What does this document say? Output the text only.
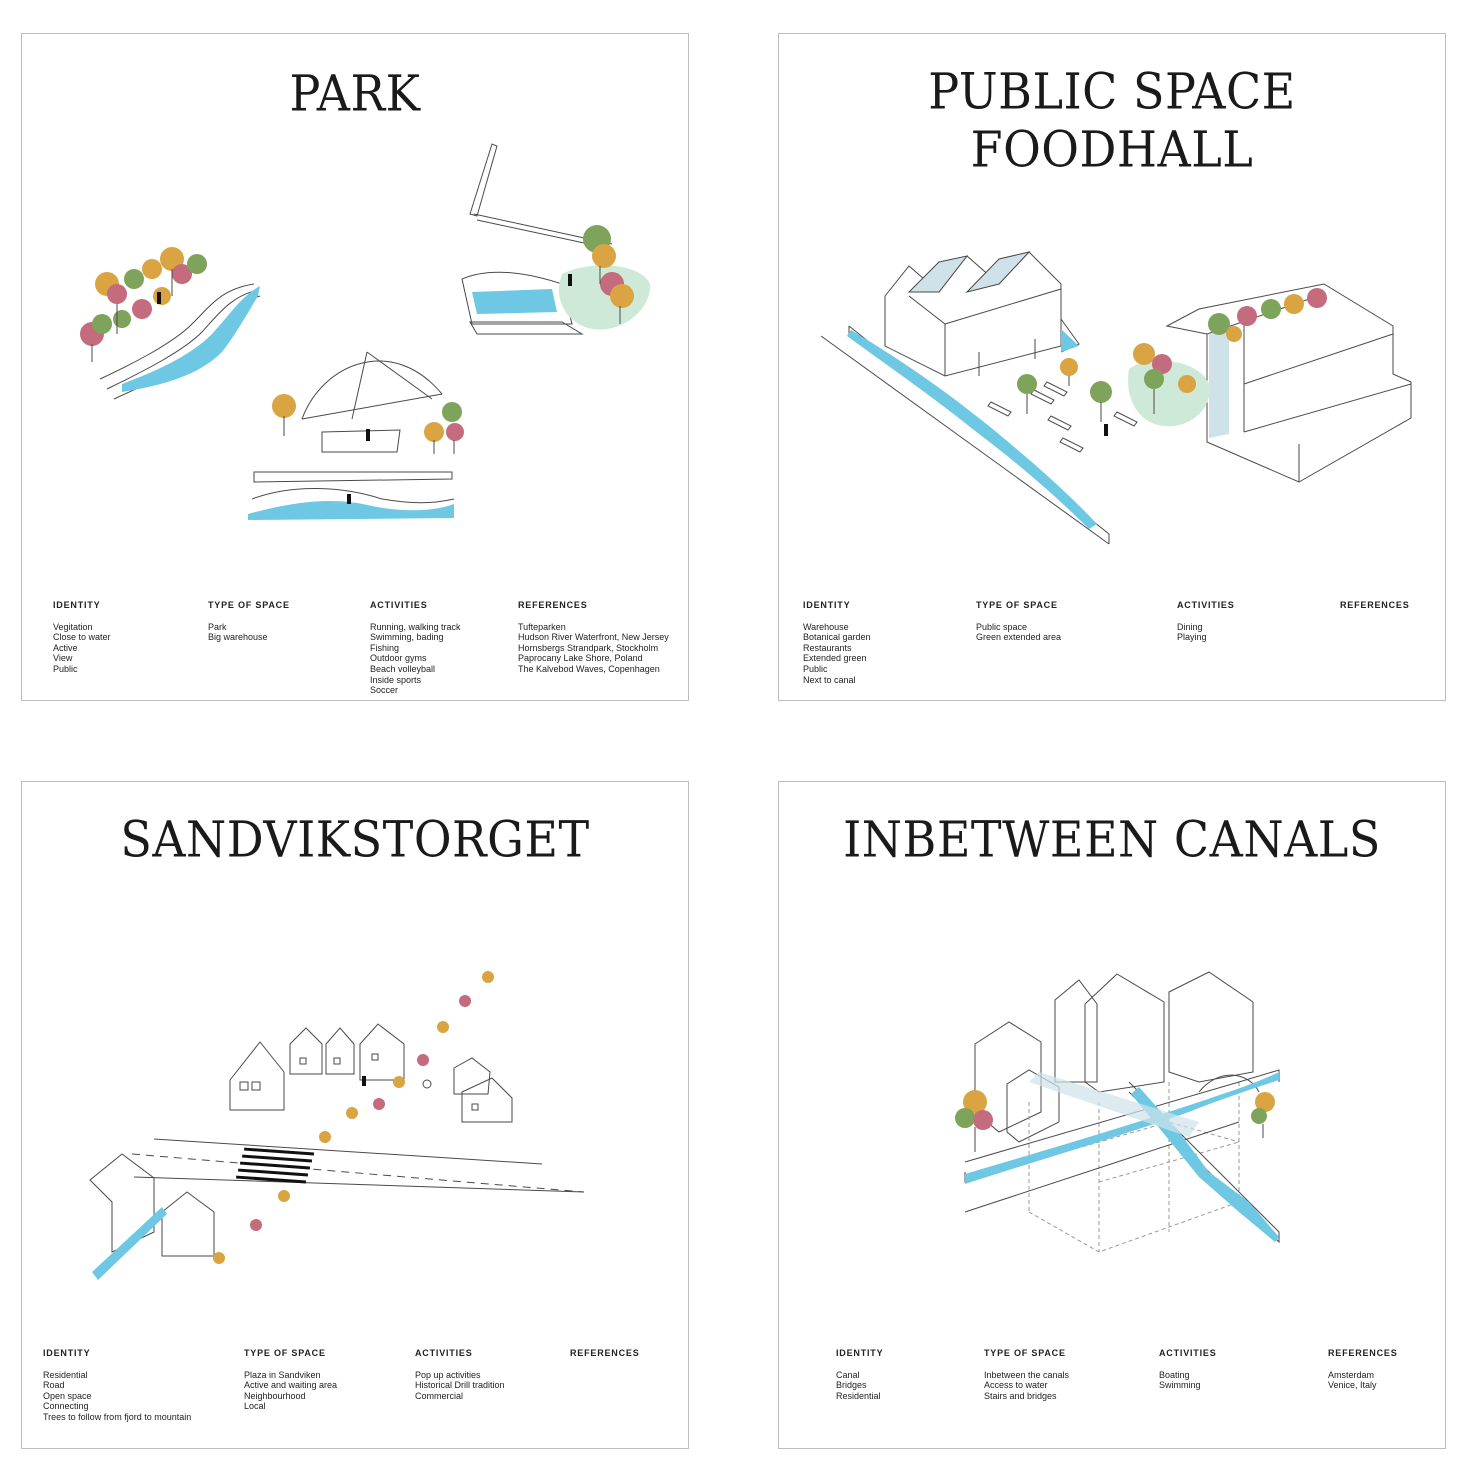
PARK
IDENTITY
Vegitation
Close to water
Active
View
Public
TYPE OF SPACE
Park
Big warehouse
ACTIVITIES
Running, walking track
Swimming, bading
Fishing
Outdoor gyms
Beach volleyball
Inside sports
Soccer
REFERENCES
Tufteparken
Hudson River Waterfront, New Jersey
Hornsbergs Strandpark, Stockholm
Paprocany Lake Shore, Poland
The Kalvebod Waves, Copenhagen
PUBLIC SPACE
FOODHALL
IDENTITY
Warehouse
Botanical garden
Restaurants
Extended green
Public
Next to canal
TYPE OF SPACE
Public space
Green extended area
ACTIVITIES
Dining
Playing
REFERENCES
SANDVIKSTORGET
IDENTITY
Residential
Road
Open space
Connecting
Trees to follow from fjord to mountain
TYPE OF SPACE
Plaza in Sandviken
Active and waiting area
Neighbourhood
Local
ACTIVITIES
Pop up activities
Historical Drill tradition
Commercial
REFERENCES
INBETWEEN CANALS
IDENTITY
Canal
Bridges
Residential
TYPE OF SPACE
Inbetween the canals
Access to water
Stairs and bridges
ACTIVITIES
Boating
Swimming
REFERENCES
Amsterdam
Venice, Italy
